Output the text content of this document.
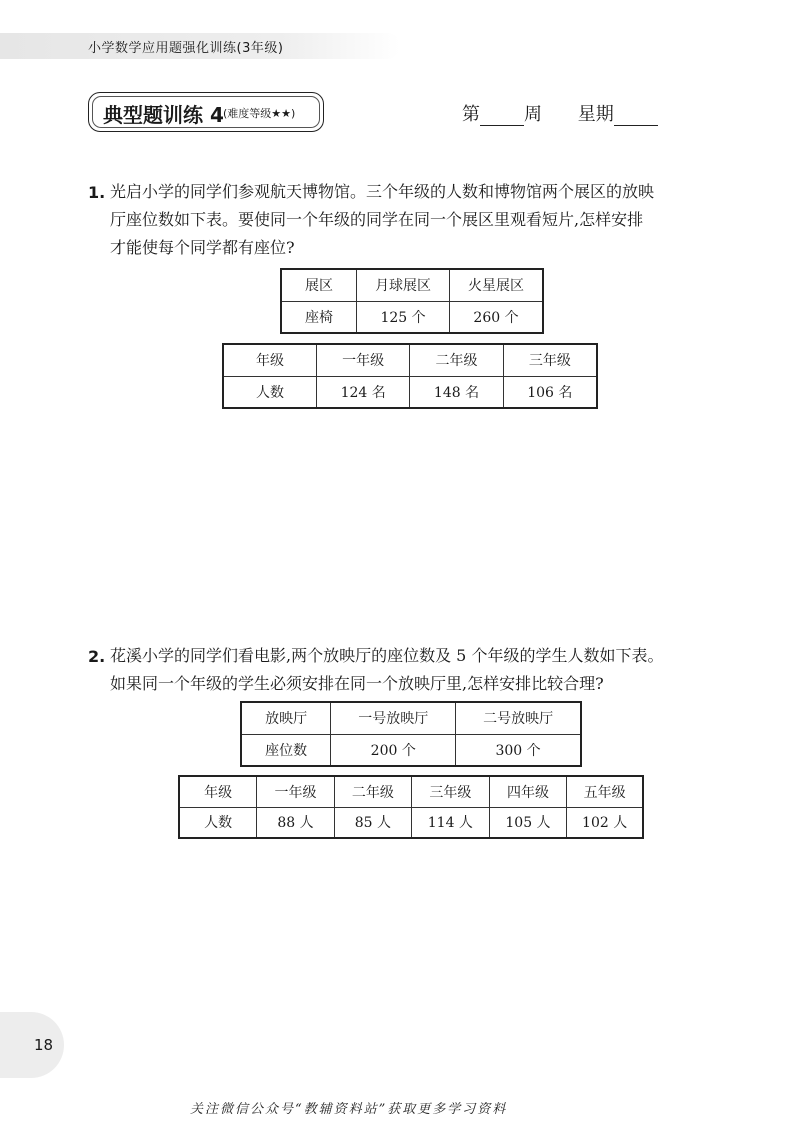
小学数学应用题强化训练(3年级)
典型题训练 4 (难度等级★★)	第 周 星期
1. 光启小学的同学们参观航天博物馆。三个年级的人数和博物馆两个展区的放映
厅座位数如下表。要使同一个年级的同学在同一个展区里观看短片,怎样安排
才能使每个同学都有座位?
展区	月球展区	火星展区
座椅	125 个	260 个
年级	一年级	二年级	三年级
人数	124 名	148 名	106 名
2. 花溪小学的同学们看电影,两个放映厅的座位数及 5 个年级的学生人数如下表。
如果同一个年级的学生必须安排在同一个放映厅里,怎样安排比较合理?
放映厅	一号放映厅	二号放映厅
座位数	200 个	300 个
年级	一年级	二年级	三年级	四年级	五年级
人数	88 人	85 人	114 人	105 人	102 人
18
关注微信公众号“教辅资料站”获取更多学习资料
